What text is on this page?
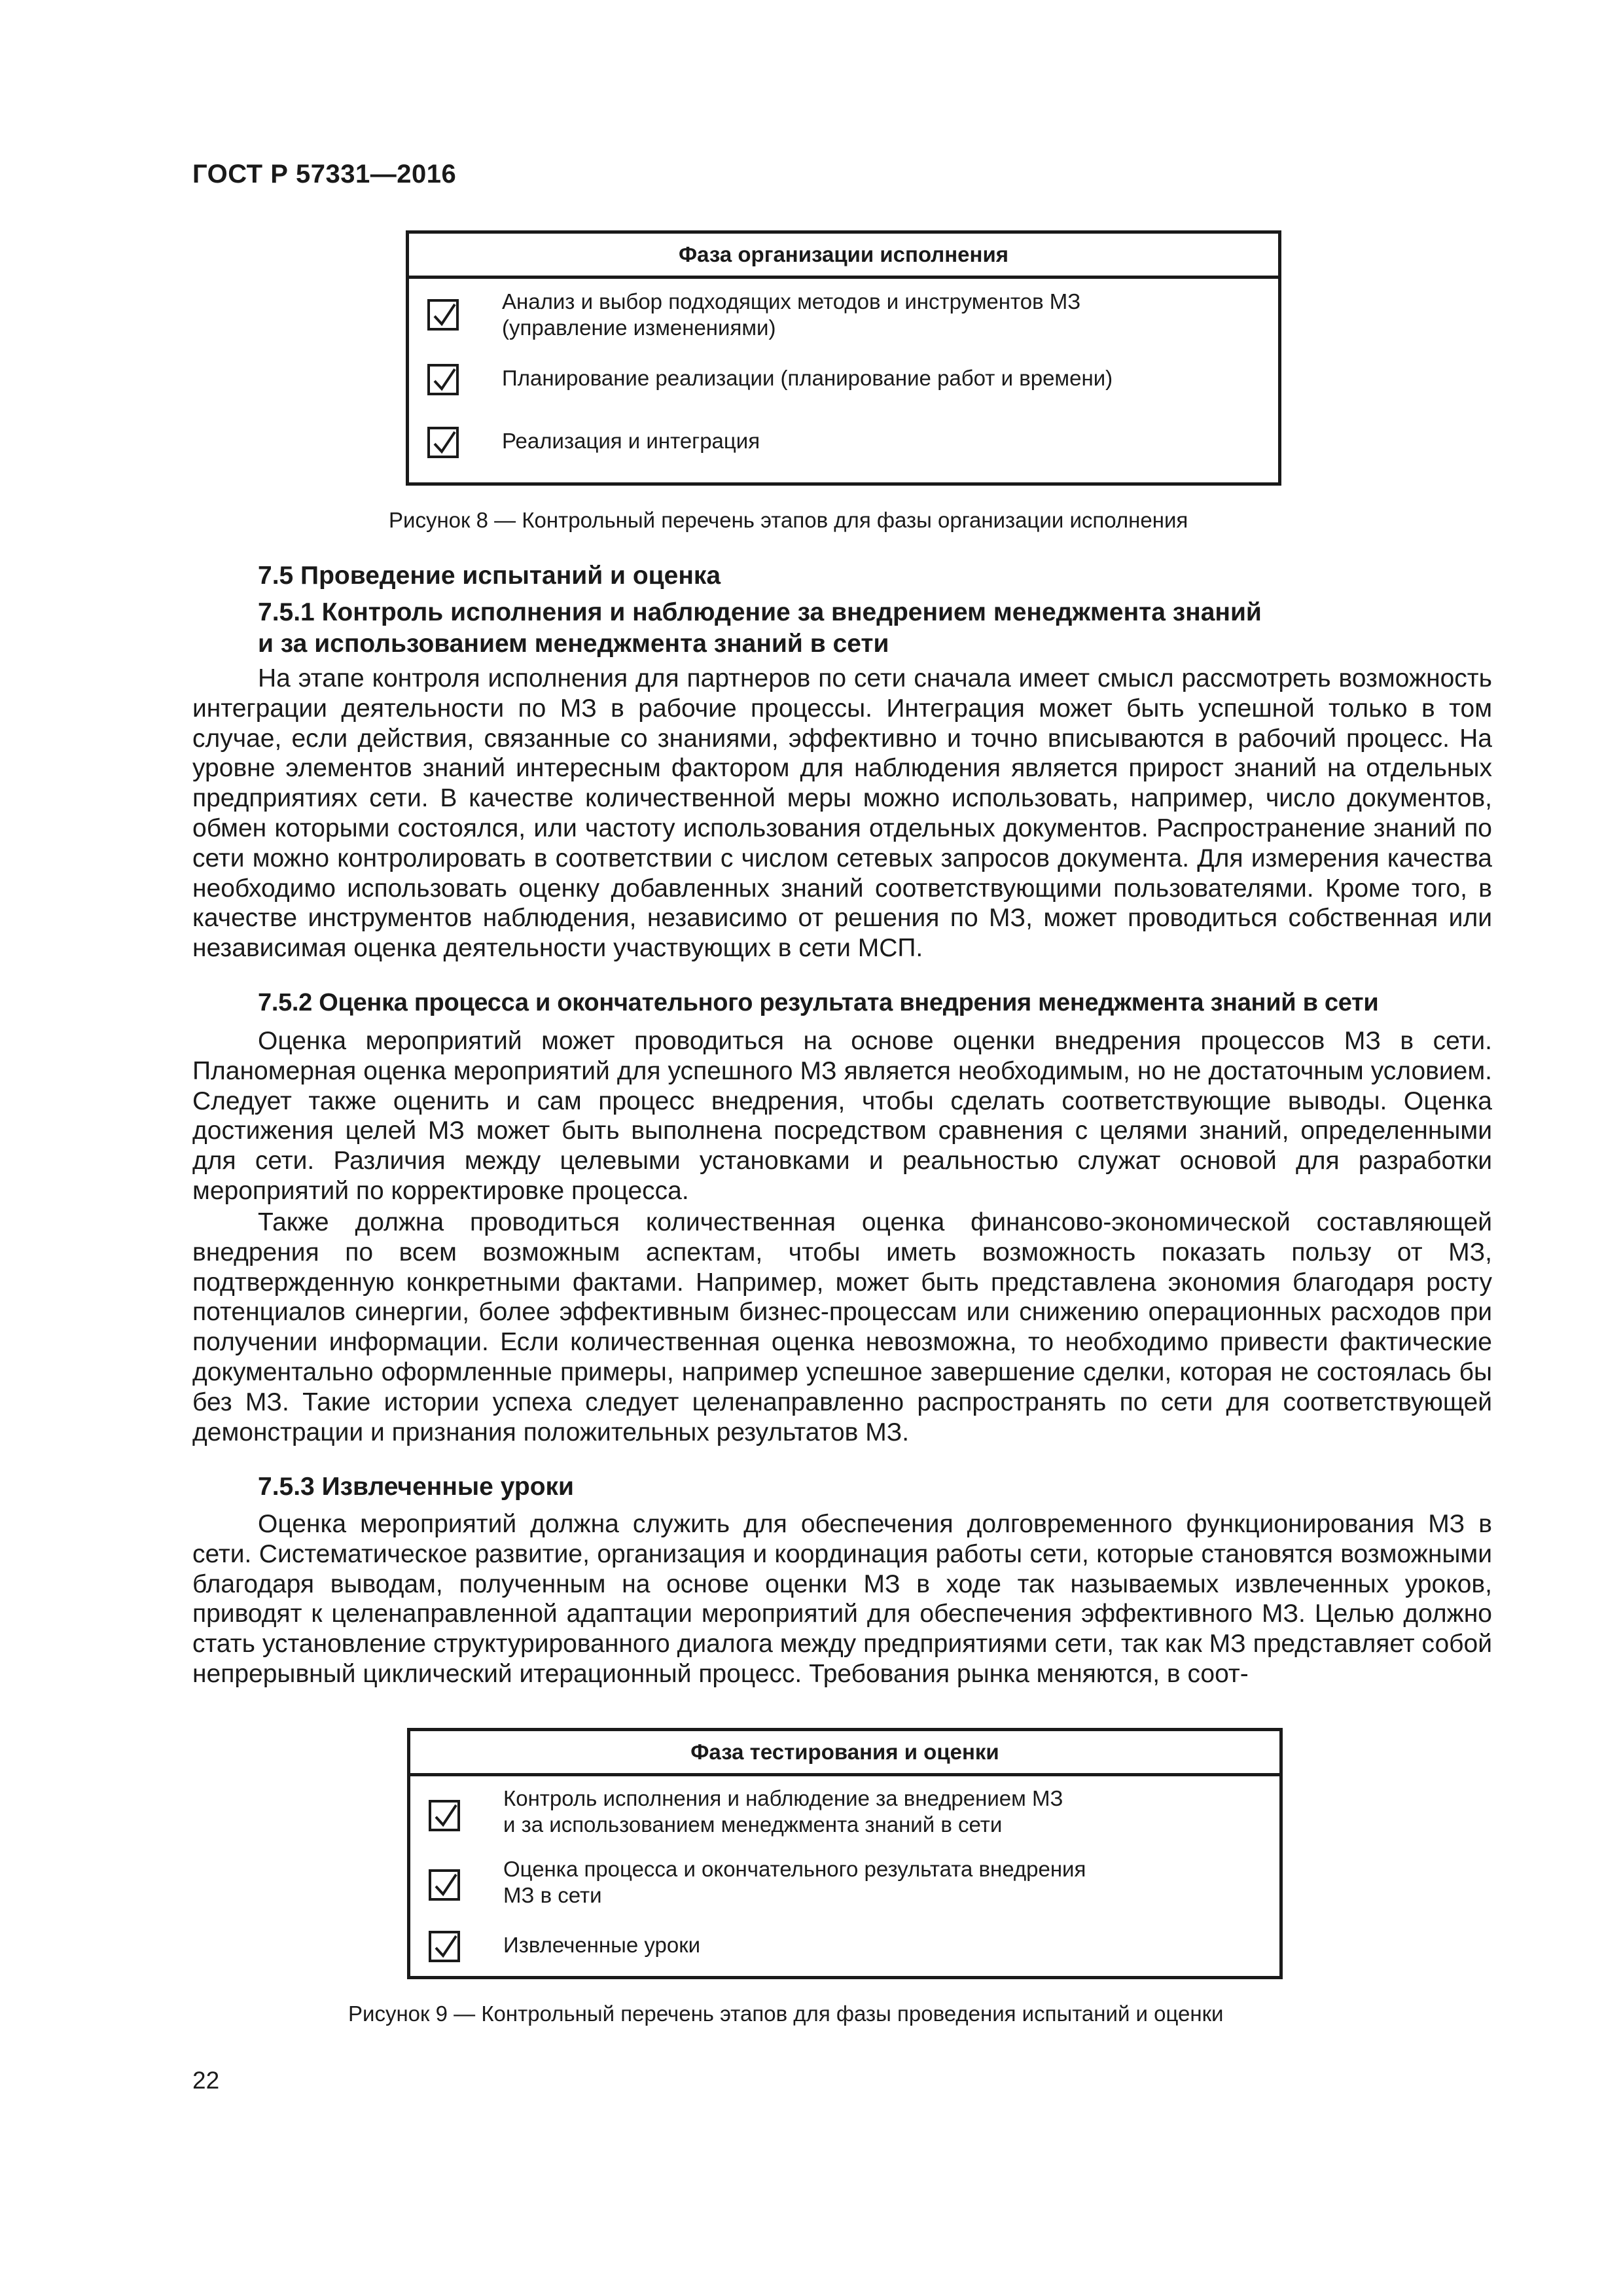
ГОСТ Р 57331—2016
Фаза организации исполнения
Анализ и выбор подходящих методов и инструментов МЗ
(управление изменениями)
Планирование реализации (планирование работ и времени)
Реализация и интеграция
Рисунок 8 — Контрольный перечень этапов для фазы организации исполнения
7.5 Проведение испытаний и оценка
7.5.1 Контроль исполнения и наблюдение за внедрением менеджмента знаний
и за использованием менеджмента знаний в сети

На этапе контроля исполнения для партнеров по сети сначала имеет смысл рассмотреть возможность интеграции деятельности по МЗ в рабочие процессы. Интеграция может быть успешной только в том случае, если действия, связанные со знаниями, эффективно и точно вписываются в рабочий процесс. На уровне элементов знаний интересным фактором для наблюдения является прирост знаний на отдельных предприятиях сети. В качестве количественной меры можно использовать, например, число документов, обмен которыми состоялся, или частоту использования отдельных документов. Распространение знаний по сети можно контролировать в соответствии с числом сетевых запросов документа. Для измерения качества необходимо использовать оценку добавленных знаний соответствующими пользователями. Кроме того, в качестве инструментов наблюдения, независимо от решения по МЗ, может проводиться собственная или независимая оценка деятельности участвующих в сети МСП.

7.5.2 Оценка процесса и окончательного результата внедрения менеджмента знаний в сети

Оценка мероприятий может проводиться на основе оценки внедрения процессов МЗ в сети. Планомерная оценка мероприятий для успешного МЗ является необходимым, но не достаточным условием. Следует также оценить и сам процесс внедрения, чтобы сделать соответствующие выводы. Оценка достижения целей МЗ может быть выполнена посредством сравнения с целями знаний, определенными для сети. Различия между целевыми установками и реальностью служат основой для разработки мероприятий по корректировке процесса.

Также должна проводиться количественная оценка финансово-экономической составляющей внедрения по всем возможным аспектам, чтобы иметь возможность показать пользу от МЗ, подтвержденную конкретными фактами. Например, может быть представлена экономия благодаря росту потенциалов синергии, более эффективным бизнес-процессам или снижению операционных расходов при получении информации. Если количественная оценка невозможна, то необходимо привести фактические документально оформленные примеры, например успешное завершение сделки, которая не состоялась бы без МЗ. Такие истории успеха следует целенаправленно распространять по сети для соответствующей демонстрации и признания положительных результатов МЗ.

7.5.3 Извлеченные уроки

Оценка мероприятий должна служить для обеспечения долговременного функционирования МЗ в сети. Систематическое развитие, организация и координация работы сети, которые становятся возможными благодаря выводам, полученным на основе оценки МЗ в ходе так называемых извлеченных уроков, приводят к целенаправленной адаптации мероприятий для обеспечения эффективного МЗ. Целью должно стать установление структурированного диалога между предприятиями сети, так как МЗ представляет собой непрерывный циклический итерационный процесс. Требования рынка меняются, в соот-

Фаза тестирования и оценки
Контроль исполнения и наблюдение за внедрением МЗ
и за использованием менеджмента знаний в сети
Оценка процесса и окончательного результата внедрения
МЗ в сети
Извлеченные уроки
Рисунок 9 — Контрольный перечень этапов для фазы проведения испытаний и оценки
22
